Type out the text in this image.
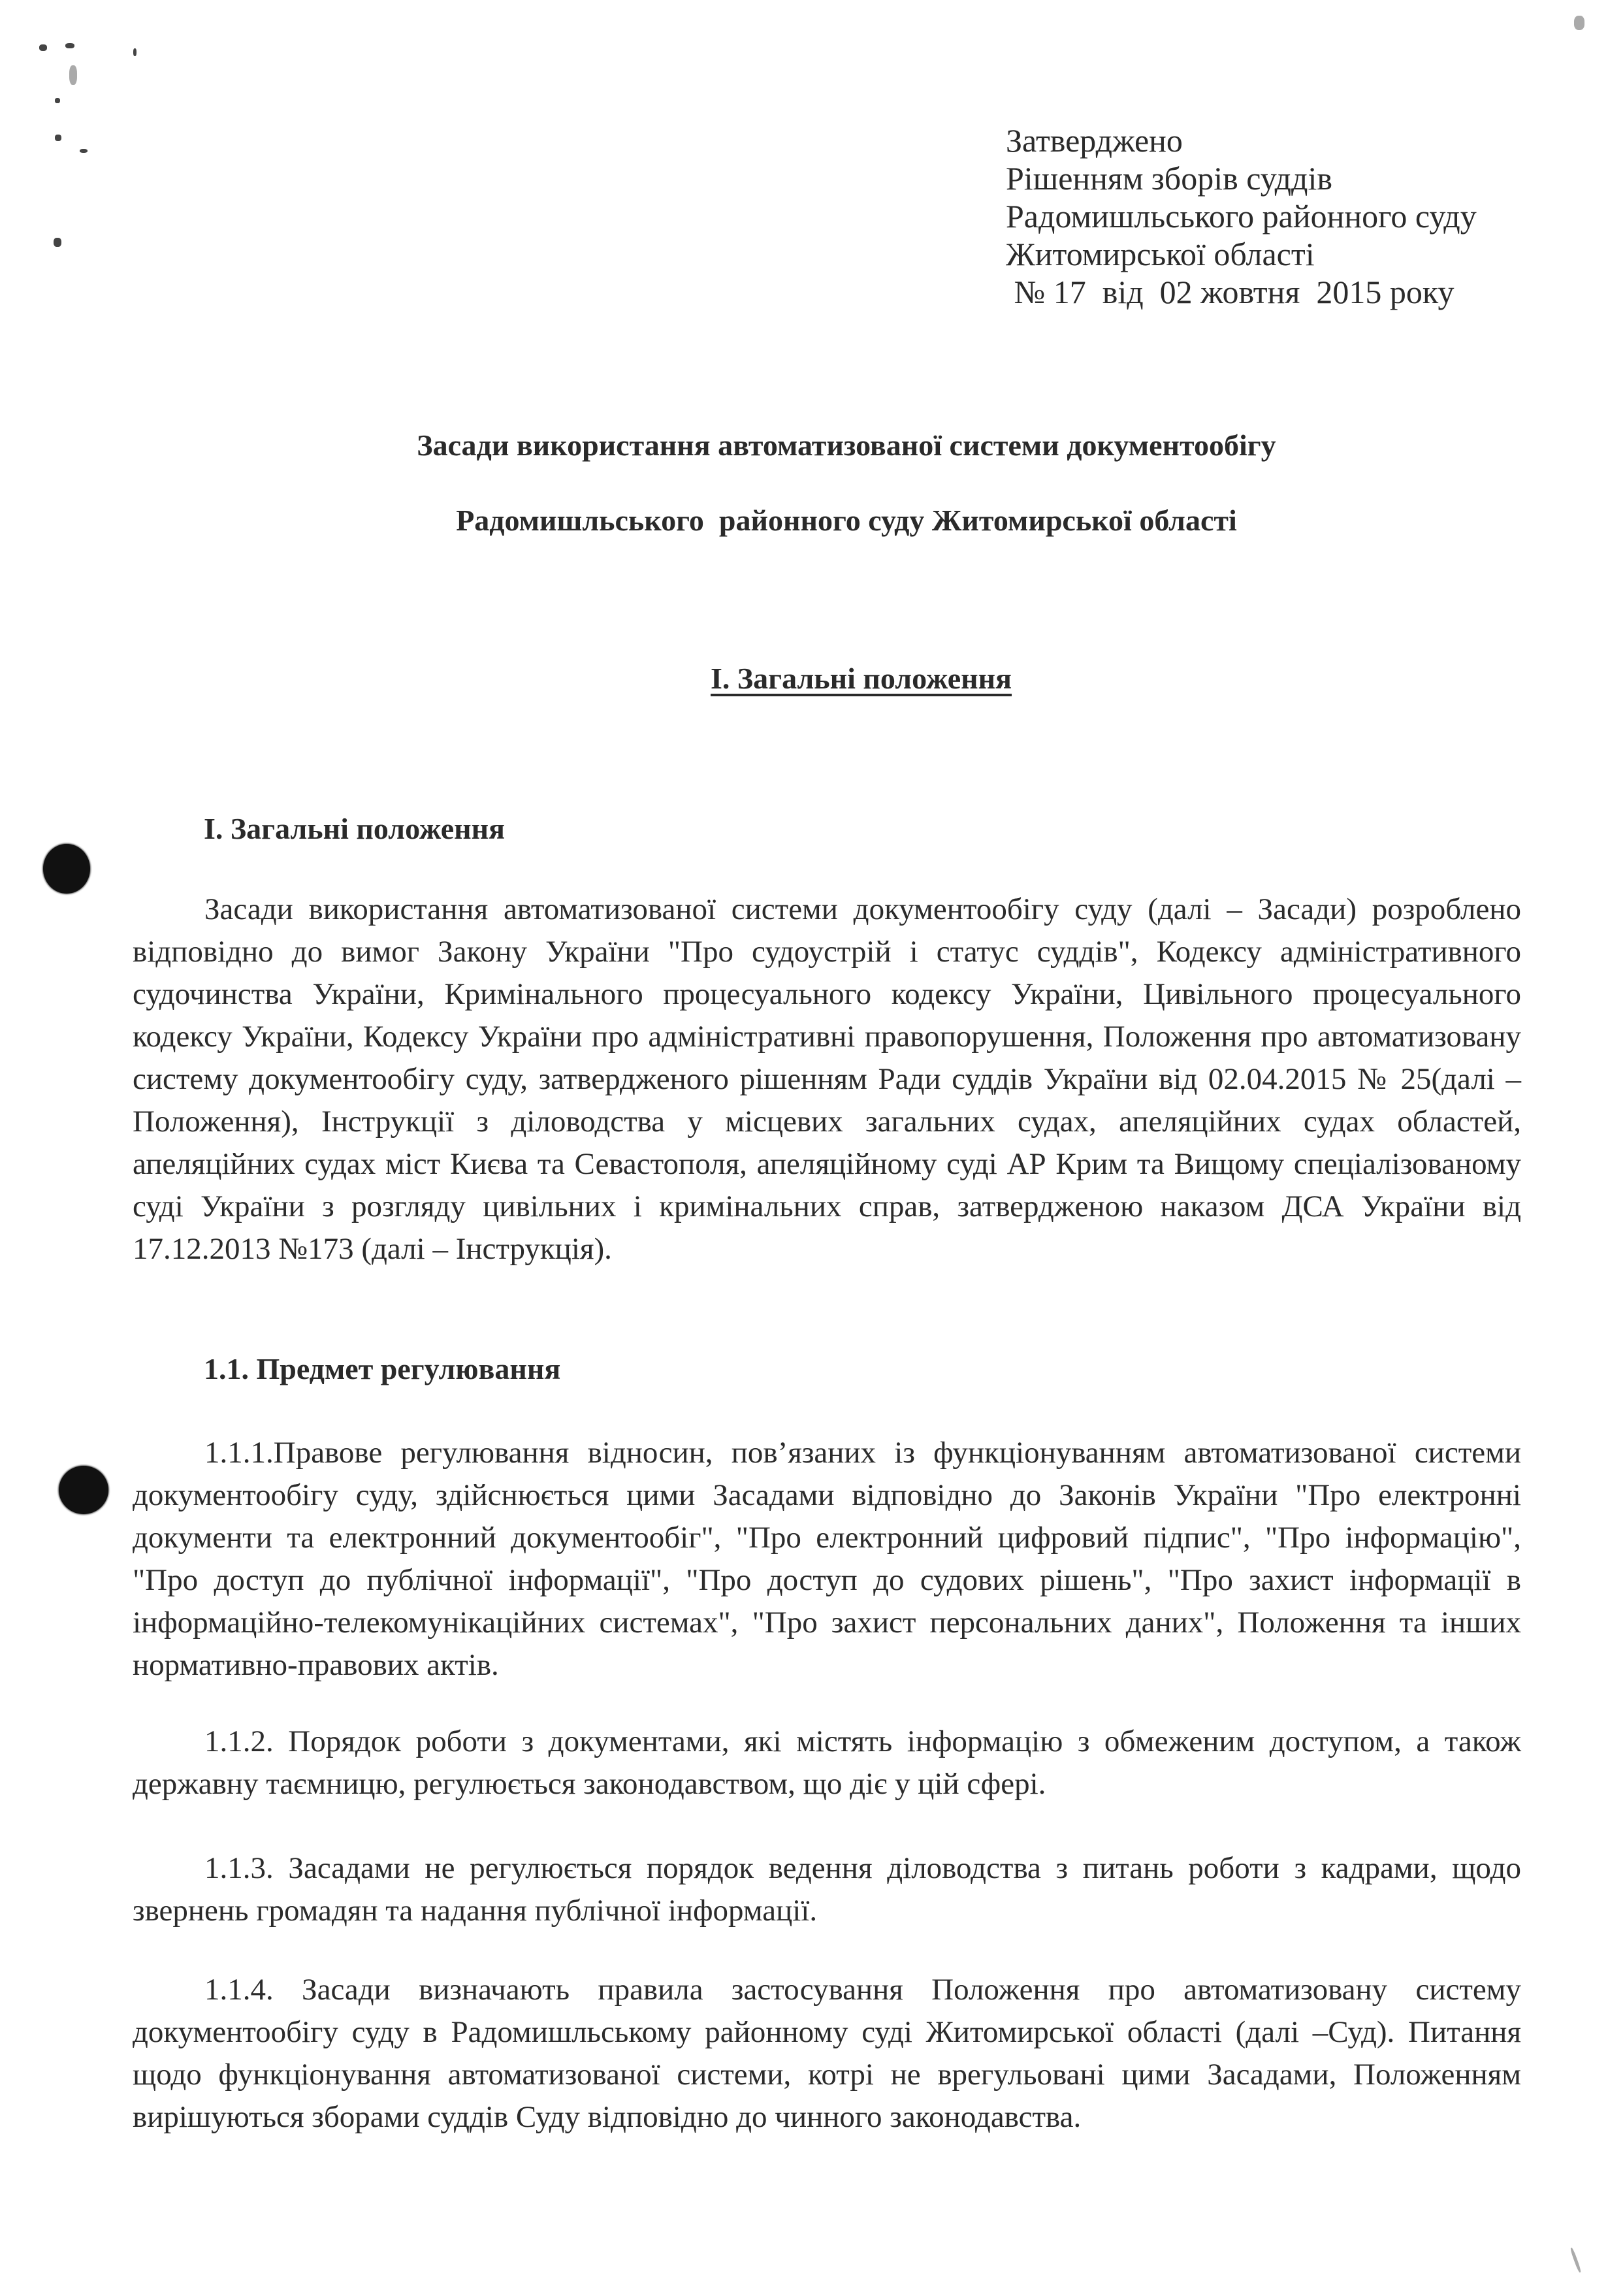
Затверджено
Рішенням зборів суддів
Радомишльського районного суду
Житомирської області
№ 17  від  02 жовтня  2015 року
Засади використання автоматизованої системи документообігу
Радомишльського  районного суду Житомирської області
І. Загальні положення
І. Загальні положення
Засади використання автоматизованої системи документообігу суду (далі – Засади) розроблено відповідно до вимог Закону України "Про судоустрій і статус суддів", Кодексу адміністративного судочинства України, Кримінального процесуального кодексу України, Цивільного процесуального кодексу України, Кодексу України про адміністративні правопорушення, Положення про автоматизовану систему документообігу суду, затвердженого рішенням Ради суддів України від 02.04.2015 № 25(далі –Положення), Інструкції з діловодства у місцевих загальних судах, апеляційних судах областей, апеляційних судах міст Києва та Севастополя, апеляційному суді АР Крим та Вищому спеціалізованому суді України з розгляду цивільних і кримінальних справ, затвердженою наказом ДСА України від 17.12.2013 №173 (далі – Інструкція).
1.1. Предмет регулювання
1.1.1.Правове регулювання відносин, пов’язаних із функціонуванням автоматизованої системи документообігу суду, здійснюється цими Засадами відповідно до Законів України "Про електронні документи та електронний документообіг", "Про електронний цифровий підпис", "Про інформацію", "Про доступ до публічної інформації", "Про доступ до судових рішень", "Про захист інформації в інформаційно-телекомунікаційних системах", "Про захист персональних даних", Положення та інших нормативно-правових актів.
1.1.2. Порядок роботи з документами, які містять інформацію з обмеженим доступом, а також державну таємницю, регулюється законодавством, що діє у цій сфері.
1.1.3. Засадами не регулюється порядок ведення діловодства з питань роботи з кадрами, щодо звернень громадян та надання публічної інформації.
1.1.4. Засади визначають правила застосування Положення про автоматизовану систему документообігу суду в Радомишльському районному суді Житомирської області (далі –Суд). Питання щодо функціонування автоматизованої системи, котрі не врегульовані цими Засадами, Положенням вирішуються зборами суддів Суду відповідно до чинного законодавства.
